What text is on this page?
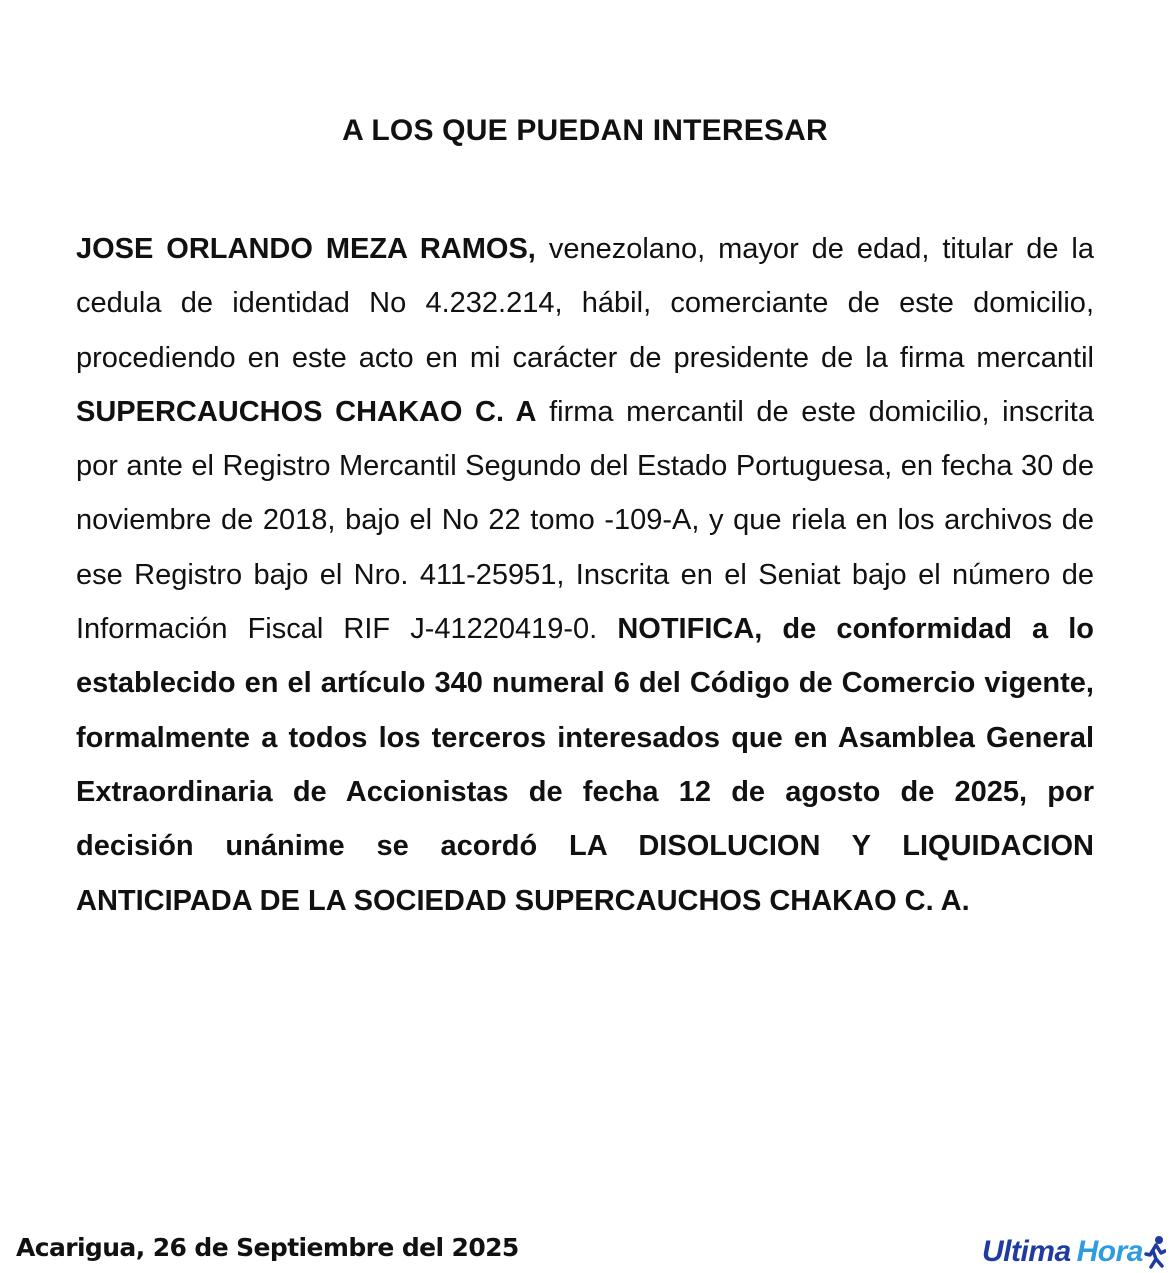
A LOS QUE PUEDAN INTERESAR
JOSE ORLANDO MEZA RAMOS, venezolano, mayor de edad, titular de la cedula de identidad No 4.232.214, hábil, comerciante de este domicilio, procediendo en este acto en mi carácter de presidente de la firma mercantil SUPERCAUCHOS CHAKAO C. A firma mercantil de este domicilio, inscrita por ante el Registro Mercantil Segundo del Estado Portuguesa, en fecha 30 de noviembre de 2018, bajo el No 22 tomo -109-A, y que riela en los archivos de ese Registro bajo el Nro. 411-25951, Inscrita en el Seniat bajo el número de Información Fiscal RIF J-41220419-0. NOTIFICA, de conformidad a lo establecido en el artículo 340 numeral 6 del Código de Comercio vigente, formalmente a todos los terceros interesados que en Asamblea General Extraordinaria de Accionistas de fecha 12 de agosto de 2025, por decisión unánime se acordó LA DISOLUCION Y LIQUIDACION ANTICIPADA DE LA SOCIEDAD SUPERCAUCHOS CHAKAO C. A.
Acarigua, 26 de Septiembre del 2025	Ultima Hora
